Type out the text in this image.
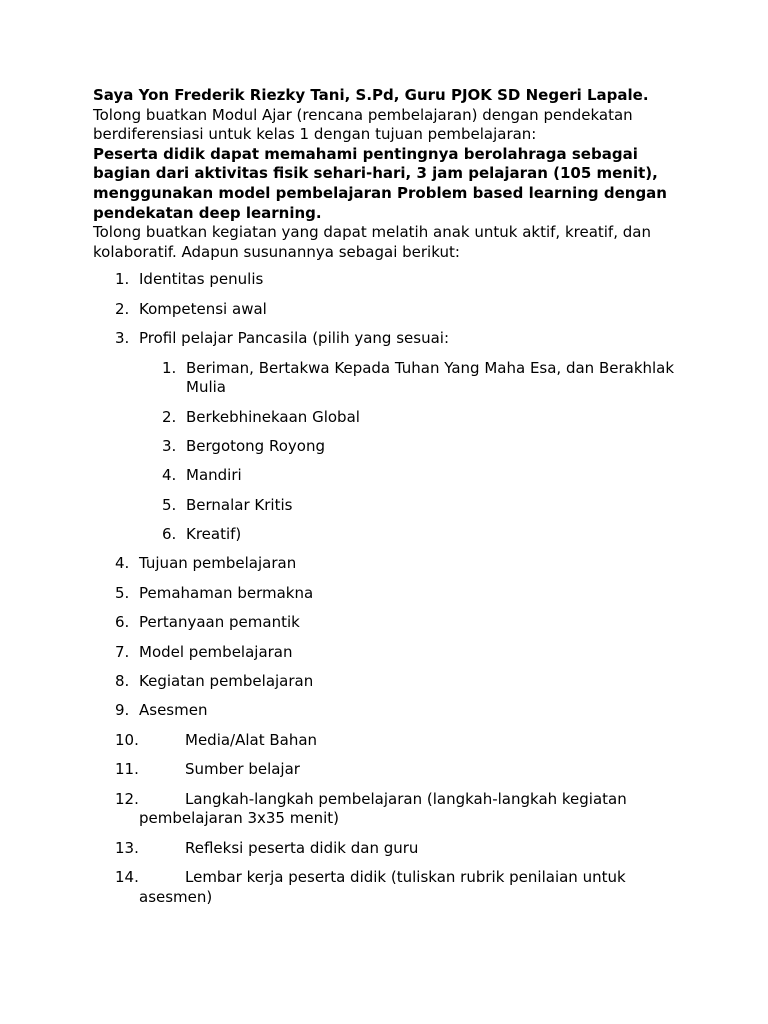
Saya Yon Frederik Riezky Tani, S.Pd, Guru PJOK SD Negeri Lapale.

Tolong buatkan Modul Ajar (rencana pembelajaran) dengan pendekatan berdiferensiasi untuk kelas 1 dengan tujuan pembelajaran:

Peserta didik dapat memahami pentingnya berolahraga sebagai bagian dari aktivitas fisik sehari-hari, 3 jam pelajaran (105 menit), menggunakan model pembelajaran Problem based learning dengan pendekatan deep learning.

Tolong buatkan kegiatan yang dapat melatih anak untuk aktif, kreatif, dan kolaboratif. Adapun susunannya sebagai berikut:

1. Identitas penulis
2. Kompetensi awal
3. Profil pelajar Pancasila (pilih yang sesuai:
1. Beriman, Bertakwa Kepada Tuhan Yang Maha Esa, dan Berakhlak Mulia
2. Berkebhinekaan Global
3. Bergotong Royong
4. Mandiri
5. Bernalar Kritis
6. Kreatif)
4. Tujuan pembelajaran
5. Pemahaman bermakna
6. Pertanyaan pemantik
7. Model pembelajaran
8. Kegiatan pembelajaran
9. Asesmen
10.	Media/Alat Bahan
11.	Sumber belajar
12.	Langkah-langkah pembelajaran (langkah-langkah kegiatan pembelajaran 3x35 menit)
13.	Refleksi peserta didik dan guru
14.	Lembar kerja peserta didik (tuliskan rubrik penilaian untuk asesmen)
